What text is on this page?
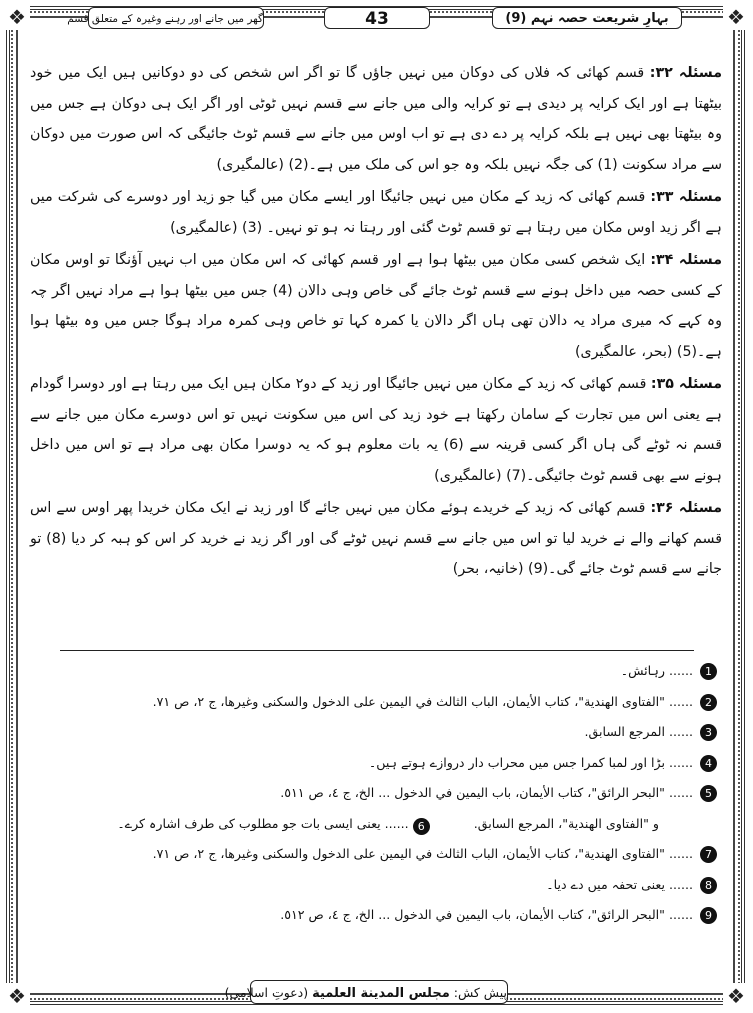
❖	❖
❖	❖
گھر میں جانے اور رہنے وغیرہ کے متعلق قسم	43	بہارِ شریعت حصہ نہم (9)

مسئلہ ۳۲: قسم کھائی کہ فلاں کی دوکان میں نہیں جاؤں گا تو اگر اس شخص کی دو دوکانیں ہیں ایک میں خود بیٹھتا ہے اور ایک کرایہ پر دیدی ہے تو کرایہ والی میں جانے سے قسم نہیں ٹوٹی اور اگر ایک ہی دوکان ہے جس میں وہ بیٹھتا بھی نہیں ہے بلکہ کرایہ پر دے دی ہے تو اب اوس میں جانے سے قسم ٹوٹ جائیگی کہ اس صورت میں دوکان سے مراد سکونت (1) کی جگہ نہیں بلکہ وہ جو اس کی ملک میں ہے۔(2) (عالمگیری)

مسئلہ ۳۳: قسم کھائی کہ زید کے مکان میں نہیں جائیگا اور ایسے مکان میں گیا جو زید اور دوسرے کی شرکت میں ہے اگر زید اوس مکان میں رہتا ہے تو قسم ٹوٹ گئی اور رہتا نہ ہو تو نہیں۔ (3) (عالمگیری)

مسئلہ ۳۴: ایک شخص کسی مکان میں بیٹھا ہوا ہے اور قسم کھائی کہ اس مکان میں اب نہیں آؤنگا تو اوس مکان کے کسی حصہ میں داخل ہونے سے قسم ٹوٹ جائے گی خاص وہی دالان (4) جس میں بیٹھا ہوا ہے مراد نہیں اگر چہ وہ کہے کہ میری مراد یہ دالان تھی ہاں اگر دالان یا کمرہ کہا تو خاص وہی کمرہ مراد ہوگا جس میں وہ بیٹھا ہوا ہے۔(5) (بحر، عالمگیری)

مسئلہ ۳۵: قسم کھائی کہ زید کے مکان میں نہیں جائیگا اور زید کے دو۲ مکان ہیں ایک میں رہتا ہے اور دوسرا گودام ہے یعنی اس میں تجارت کے سامان رکھتا ہے خود زید کی اس میں سکونت نہیں تو اس دوسرے مکان میں جانے سے قسم نہ ٹوٹے گی ہاں اگر کسی قرینہ سے (6) یہ بات معلوم ہو کہ یہ دوسرا مکان بھی مراد ہے تو اس میں داخل ہونے سے بھی قسم ٹوٹ جائیگی۔(7) (عالمگیری)

مسئلہ ۳۶: قسم کھائی کہ زید کے خریدے ہوئے مکان میں نہیں جائے گا اور زید نے ایک مکان خریدا پھر اوس سے اس قسم کھانے والے نے خرید لیا تو اس میں جانے سے قسم نہیں ٹوٹے گی اور اگر زید نے خرید کر اس کو ہبہ کر دیا (8) تو جانے سے قسم ٹوٹ جائے گی۔(9) (خانیہ، بحر)

1
...... رہائش۔
2
...... "الفتاوی الهندية"، كتاب الأيمان، الباب الثالث في اليمين على الدخول والسكنى وغيرها، ج ٢، ص ٧١.
3
...... المرجع السابق.
4
...... بڑا اور لمبا کمرا جس میں محراب دار دروازے ہوتے ہیں۔
5
...... "البحر الرائق"، كتاب الأيمان، باب اليمين في الدخول ... الخ، ج ٤، ص ٥١١.
و "الفتاوی الهندية"، المرجع السابق.6...... یعنی ایسی بات جو مطلوب کی طرف اشارہ کرے۔
7
...... "الفتاوی الهندية"، كتاب الأيمان، الباب الثالث في اليمين على الدخول والسكنى وغيرها، ج ٢، ص ٧١.
8
...... یعنی تحفہ میں دے دیا۔
9
...... "البحر الرائق"، كتاب الأيمان، باب اليمين في الدخول ... الخ، ج ٤، ص ٥١٢.
پیش کش: مجلس المدينة العلمية (دعوتِ اسلامی)
